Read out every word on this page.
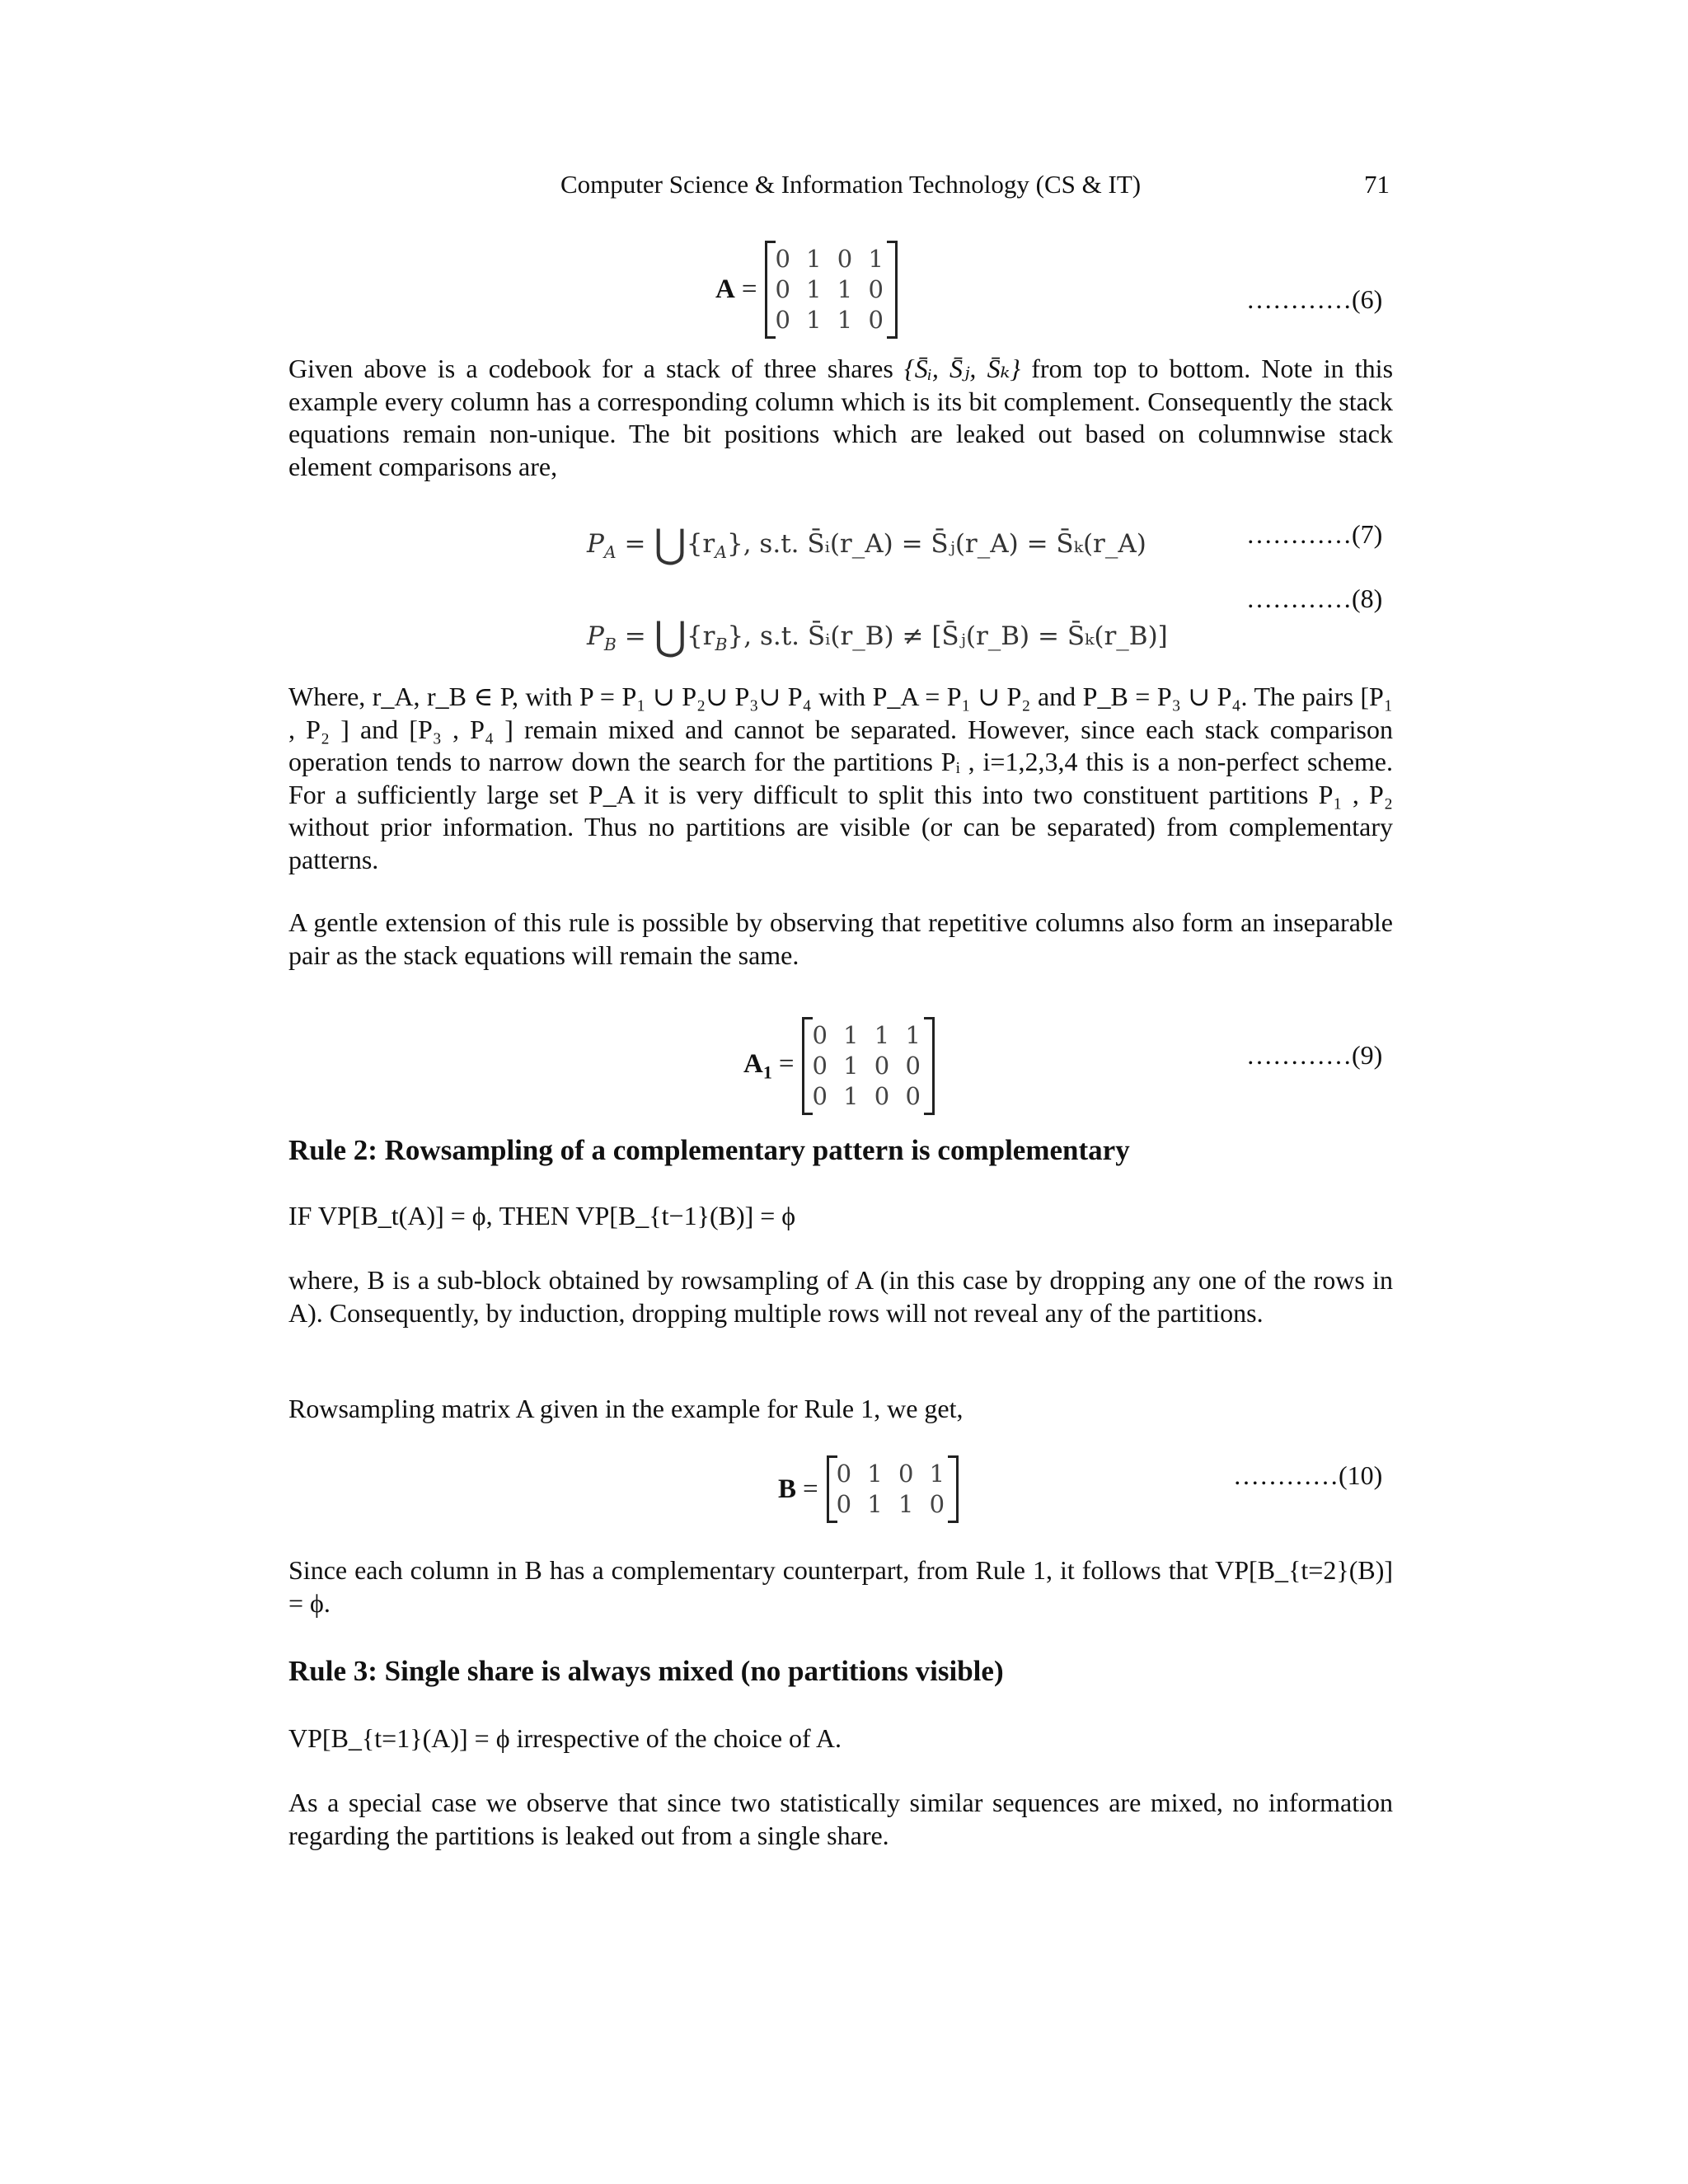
Computer Science & Information Technology (CS & IT)	71
A =
0 1 0 1
0 1 1 0
0 1 1 0
…………(6)
Given above is a codebook for a stack of three shares {S̄ᵢ, S̄ⱼ, S̄ₖ} from top to bottom. Note in this example every column has a corresponding column which is its bit complement. Consequently the stack equations remain non-unique. The bit positions which are leaked out based on columnwise stack element comparisons are,
$P_A$ = $⋃\{r_A\}$, s.t. S̄ᵢ(r_A) = S̄ⱼ(r_A) = S̄ₖ(r_A)	…………(7)
…………(8)
$P_B$ = $⋃\{r_B\}$, s.t. S̄ᵢ(r_B) ≠ [S̄ⱼ(r_B) = S̄ₖ(r_B)]
Where, r_A, r_B ∈ P, with P = P₁ ∪ P₂∪ P₃∪ P₄ with P_A = P₁ ∪ P₂ and P_B = P₃ ∪ P₄. The pairs [P₁ , P₂ ] and [P₃ , P₄ ] remain mixed and cannot be separated. However, since each stack comparison operation tends to narrow down the search for the partitions Pᵢ , i=1,2,3,4 this is a non-perfect scheme. For a sufficiently large set P_A it is very difficult to split this into two constituent partitions P₁ , P₂ without prior information. Thus no partitions are visible (or can be separated) from complementary patterns.
A gentle extension of this rule is possible by observing that repetitive columns also form an inseparable pair as the stack equations will remain the same.
$A_1$ =
0 1 1 1
0 1 0 0
0 1 0 0
…………(9)
Rule 2: Rowsampling of a complementary pattern is complementary
IF VP[B_t(A)] = ϕ, THEN VP[B_{t−1}(B)] = ϕ
where, B is a sub-block obtained by rowsampling of A (in this case by dropping any one of the rows in A). Consequently, by induction, dropping multiple rows will not reveal any of the partitions.
Rowsampling matrix A given in the example for Rule 1, we get,
B =
0 1 0 1
0 1 1 0
…………(10)
Since each column in B has a complementary counterpart, from Rule 1, it follows that VP[B_{t=2}(B)] = ϕ.
Rule 3: Single share is always mixed (no partitions visible)
VP[B_{t=1}(A)] = ϕ irrespective of the choice of A.
As a special case we observe that since two statistically similar sequences are mixed, no information regarding the partitions is leaked out from a single share.
